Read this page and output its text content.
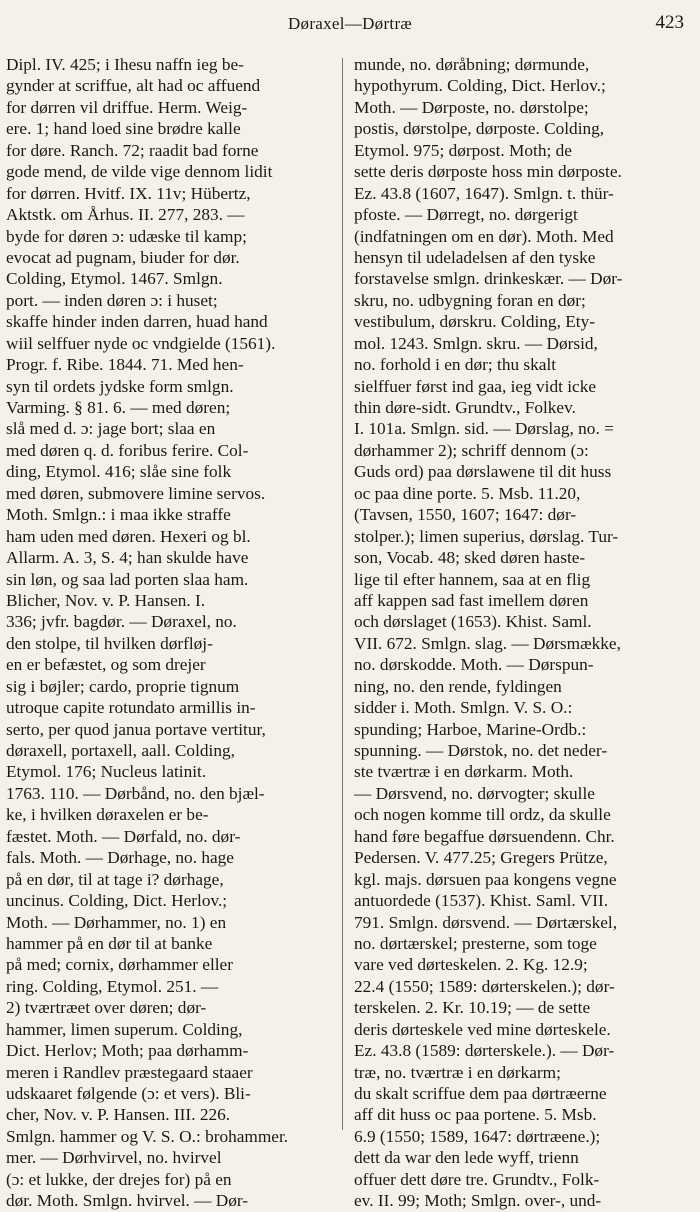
Døraxel—Dørtræ	423
Dipl. IV. 425; i Ihesu naffn ieg be-
gynder at scriffue, alt had oc affuend
for dørren vil driffue. Herm. Weig-
ere. 1; hand loed sine brødre kalle
for døre. Ranch. 72; raadit bad forne
gode mend, de vilde vige dennom lidit
for dørren. Hvitf. IX. 11v; Hübertz,
Aktstk. om Århus. II. 277, 283. —
byde for døren ɔ: udæske til kamp;
evocat ad pugnam, biuder for dør.
Colding, Etymol. 1467. Smlgn.
port. — inden døren ɔ: i huset;
skaffe hinder inden darren, huad hand
wiil selffuer nyde oc vndgielde (1561).
Progr. f. Ribe. 1844. 71. Med hen-
syn til ordets jydske form smlgn.
Varming. § 81. 6. — med døren;
slå med d. ɔ: jage bort; slaa en
med døren q. d. foribus ferire. Col-
ding, Etymol. 416; slåe sine folk
med døren, submovere limine servos.
Moth. Smlgn.: i maa ikke straffe
ham uden med døren. Hexeri og bl.
Allarm. A. 3, S. 4; han skulde have
sin løn, og saa lad porten slaa ham.
Blicher, Nov. v. P. Hansen. I.
336; jvfr. bagdør. — Døraxel, no.
den stolpe, til hvilken dørfløj-
en er befæstet, og som drejer
sig i bøjler; cardo, proprie tignum
utroque capite rotundato armillis in-
serto, per quod janua portave vertitur,
døraxell, portaxell, aall. Colding,
Etymol. 176; Nucleus latinit.
1763. 110. — Dørbånd, no. den bjæl-
ke, i hvilken døraxelen er be-
fæstet. Moth. — Dørfald, no. dør-
fals. Moth. — Dørhage, no. hage
på en dør, til at tage i? dørhage,
uncinus. Colding, Dict. Herlov.;
Moth. — Dørhammer, no. 1) en
hammer på en dør til at banke
på med; cornix, dørhammer eller
ring. Colding, Etymol. 251. —
2) tværtræet over døren; dør-
hammer, limen superum. Colding,
Dict. Herlov; Moth; paa dørhamm-
meren i Randlev præstegaard staaer
udskaaret følgende (ɔ: et vers). Bli-
cher, Nov. v. P. Hansen. III. 226.
Smlgn. hammer og V. S. O.: brohammer.
mer. — Dørhvirvel, no. hvirvel
(ɔ: et lukke, der drejes for) på en
dør. Moth. Smlgn. hvirvel. — Dør-
munde, no. døråbning; dørmunde,
hypothyrum. Colding, Dict. Herlov.;
Moth. — Dørposte, no. dørstolpe;
postis, dørstolpe, dørposte. Colding,
Etymol. 975; dørpost. Moth; de
sette deris dørposte hoss min dørposte.
Ez. 43.8 (1607, 1647). Smlgn. t. thür-
pfoste. — Dørregt, no. dørgerigt
(indfatningen om en dør). Moth. Med
hensyn til udeladelsen af den tyske
forstavelse smlgn. drinkeskær. — Dør-
skru, no. udbygning foran en dør;
vestibulum, dørskru. Colding, Ety-
mol. 1243. Smlgn. skru. — Dørsid,
no. forhold i en dør; thu skalt
sielffuer først ind gaa, ieg vidt icke
thin døre-sidt. Grundtv., Folkev.
I. 101a. Smlgn. sid. — Dørslag, no. =
dørhammer 2); schriff dennom (ɔ:
Guds ord) paa dørslawene til dit huss
oc paa dine porte. 5. Msb. 11.20,
(Tavsen, 1550, 1607; 1647: dør-
stolper.); limen superius, dørslag. Tur-
son, Vocab. 48; sked døren haste-
lige til efter hannem, saa at en flig
aff kappen sad fast imellem døren
och dørslaget (1653). Khist. Saml.
VII. 672. Smlgn. slag. — Dørsmække,
no. dørskodde. Moth. — Dørspun-
ning, no. den rende, fyldingen
sidder i. Moth. Smlgn. V. S. O.:
spunding; Harboe, Marine-Ordb.:
spunning. — Dørstok, no. det neder-
ste tværtræ i en dørkarm. Moth.
— Dørsvend, no. dørvogter; skulle
och nogen komme till ordz, da skulle
hand føre begaffue dørsuendenn. Chr.
Pedersen. V. 477.25; Gregers Prütze,
kgl. majs. dørsuen paa kongens vegne
antuordede (1537). Khist. Saml. VII.
791. Smlgn. dørsvend. — Dørtærskel,
no. dørtærskel; presterne, som toge
vare ved dørteskelen. 2. Kg. 12.9;
22.4 (1550; 1589: dørterskelen.); dør-
terskelen. 2. Kr. 10.19; — de sette
deris dørteskele ved mine dørteskele.
Ez. 43.8 (1589: dørterskele.). — Dør-
træ, no. tværtræ i en dørkarm;
du skalt scriffue dem paa dørtræerne
aff dit huss oc paa portene. 5. Msb.
6.9 (1550; 1589, 1647: dørtræene.);
dett da war den lede wyff, trienn
offuer dett døre tre. Grundtv., Folk-
ev. II. 99; Moth; Smlgn. over-, und-
